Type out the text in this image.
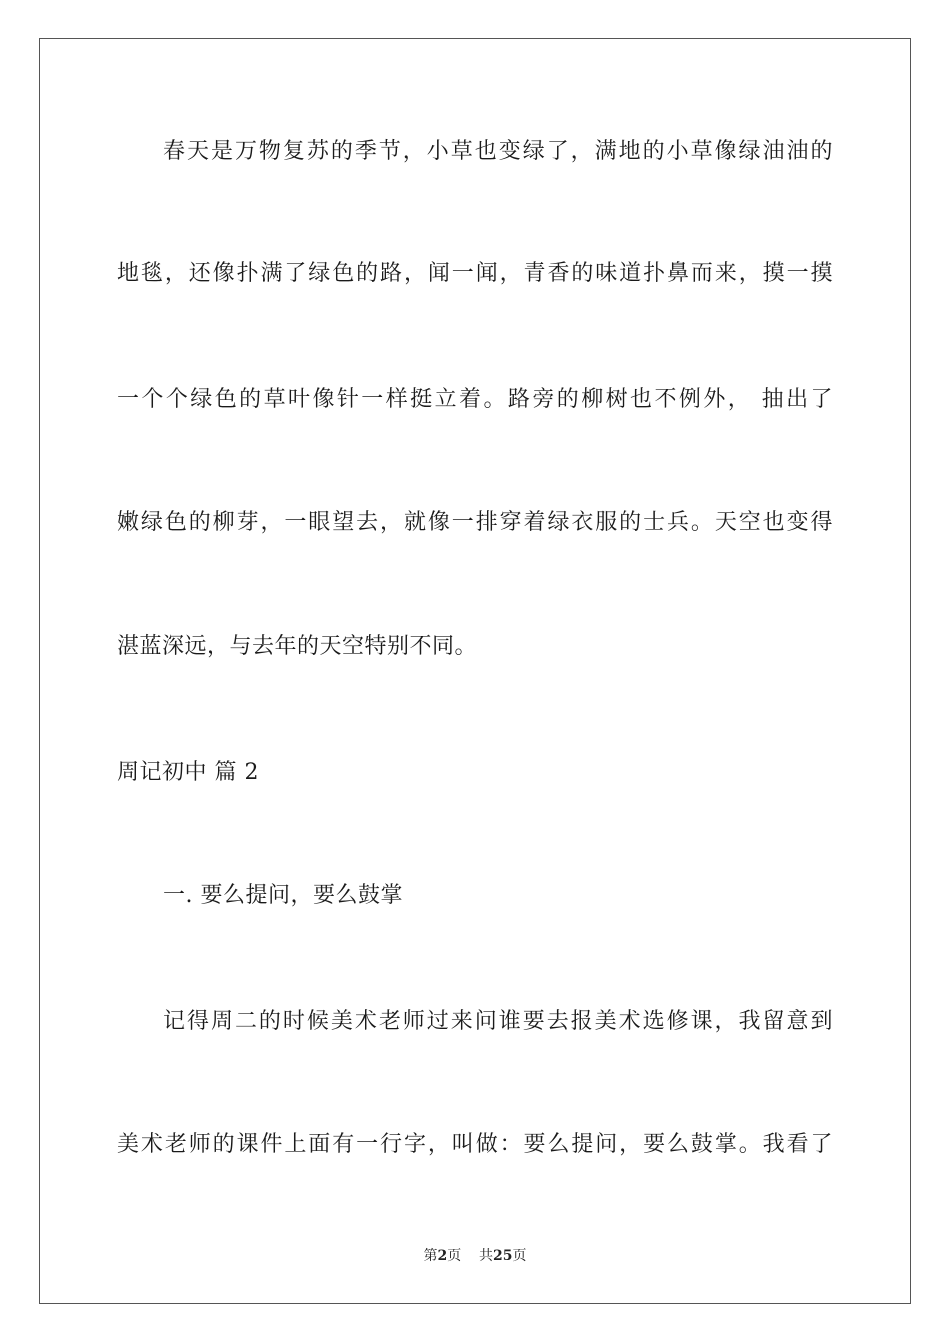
春天是万物复苏的季节，小草也变绿了，满地的小草像绿油油的
地毯，还像扑满了绿色的路，闻一闻，青香的味道扑鼻而来，摸一摸
一个个绿色的草叶像针一样挺立着。路旁的柳树也不例外， 抽出了
嫩绿色的柳芽，一眼望去，就像一排穿着绿衣服的士兵。天空也变得
湛蓝深远，与去年的天空特别不同。
周记初中 篇 2
一. 要么提问，要么鼓掌
记得周二的时候美术老师过来问谁要去报美术选修课，我留意到
美术老师的课件上面有一行字，叫做：要么提问，要么鼓掌。我看了
第2页    共25页
